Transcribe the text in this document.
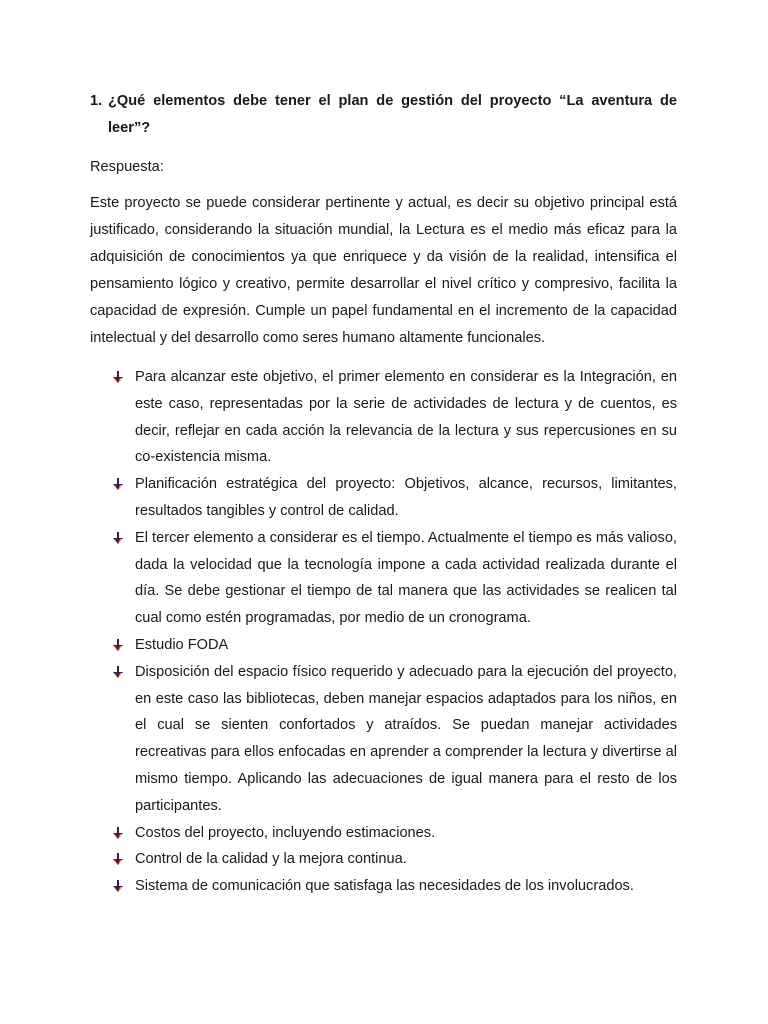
1. ¿Qué elementos debe tener el plan de gestión del proyecto “La aventura de leer”?

Respuesta:

Este proyecto se puede considerar pertinente y actual, es decir su objetivo principal está justificado, considerando la situación mundial, la Lectura es el medio más eficaz para la adquisición de conocimientos ya que enriquece y da visión de la realidad, intensifica el pensamiento lógico y creativo, permite desarrollar el nivel crítico y compresivo, facilita la capacidad de expresión. Cumple un papel fundamental en el incremento de la capacidad intelectual y del desarrollo como seres humano altamente funcionales.

Para alcanzar este objetivo, el primer elemento en considerar es la Integración, en este caso, representadas por la serie de actividades de lectura y de cuentos, es decir, reflejar en cada acción la relevancia de la lectura y sus repercusiones en su co-existencia misma.
Planificación estratégica del proyecto: Objetivos, alcance, recursos, limitantes, resultados tangibles y control de calidad.
El tercer elemento a considerar es el tiempo. Actualmente el tiempo es más valioso, dada la velocidad que la tecnología impone a cada actividad realizada durante el día. Se debe gestionar el tiempo de tal manera que las actividades se realicen tal cual como estén programadas, por medio de un cronograma.
Estudio FODA
Disposición del espacio físico requerido y adecuado para la ejecución del proyecto, en este caso las bibliotecas, deben manejar espacios adaptados para los niños, en el cual se sienten confortados y atraídos. Se puedan manejar actividades recreativas para ellos enfocadas en aprender a comprender la lectura y divertirse al mismo tiempo. Aplicando las adecuaciones de igual manera para el resto de los participantes.
Costos del proyecto, incluyendo estimaciones.
Control de la calidad y la mejora continua.
Sistema de comunicación que satisfaga las necesidades de los involucrados.
